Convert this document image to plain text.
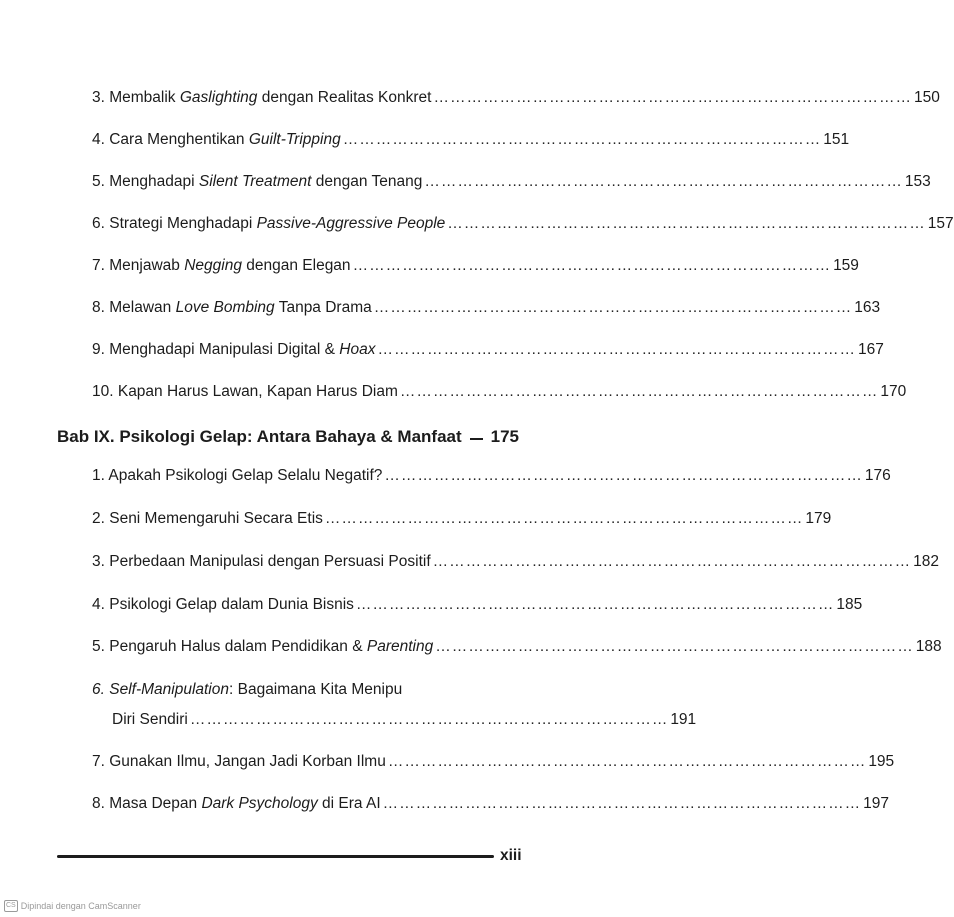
3. Membalik Gaslighting dengan Realitas Konkret …………………………………………………………………………… 150
4. Cara Menghentikan Guilt-Tripping …………………………………………………………………………… 151
5. Menghadapi Silent Treatment dengan Tenang …………………………………………………………………………… 153
6. Strategi Menghadapi Passive-Aggressive People …………………………………………………………………………… 157
7. Menjawab Negging dengan Elegan …………………………………………………………………………… 159
8. Melawan Love Bombing Tanpa Drama …………………………………………………………………………… 163
9. Menghadapi Manipulasi Digital & Hoax …………………………………………………………………………… 167
10. Kapan Harus Lawan, Kapan Harus Diam …………………………………………………………………………… 170
Bab IX. Psikologi Gelap: Antara Bahaya & Manfaat 175
1. Apakah Psikologi Gelap Selalu Negatif? …………………………………………………………………………… 176
2. Seni Memengaruhi Secara Etis …………………………………………………………………………… 179
3. Perbedaan Manipulasi dengan Persuasi Positif …………………………………………………………………………… 182
4. Psikologi Gelap dalam Dunia Bisnis …………………………………………………………………………… 185
5. Pengaruh Halus dalam Pendidikan & Parenting …………………………………………………………………………… 188
6. Self-Manipulation: Bagaimana Kita Menipu
Diri Sendiri …………………………………………………………………………… 191
7. Gunakan Ilmu, Jangan Jadi Korban Ilmu …………………………………………………………………………… 195
8. Masa Depan Dark Psychology di Era AI …………………………………………………………………………… 197
xiii
CS Dipindai dengan CamScanner
